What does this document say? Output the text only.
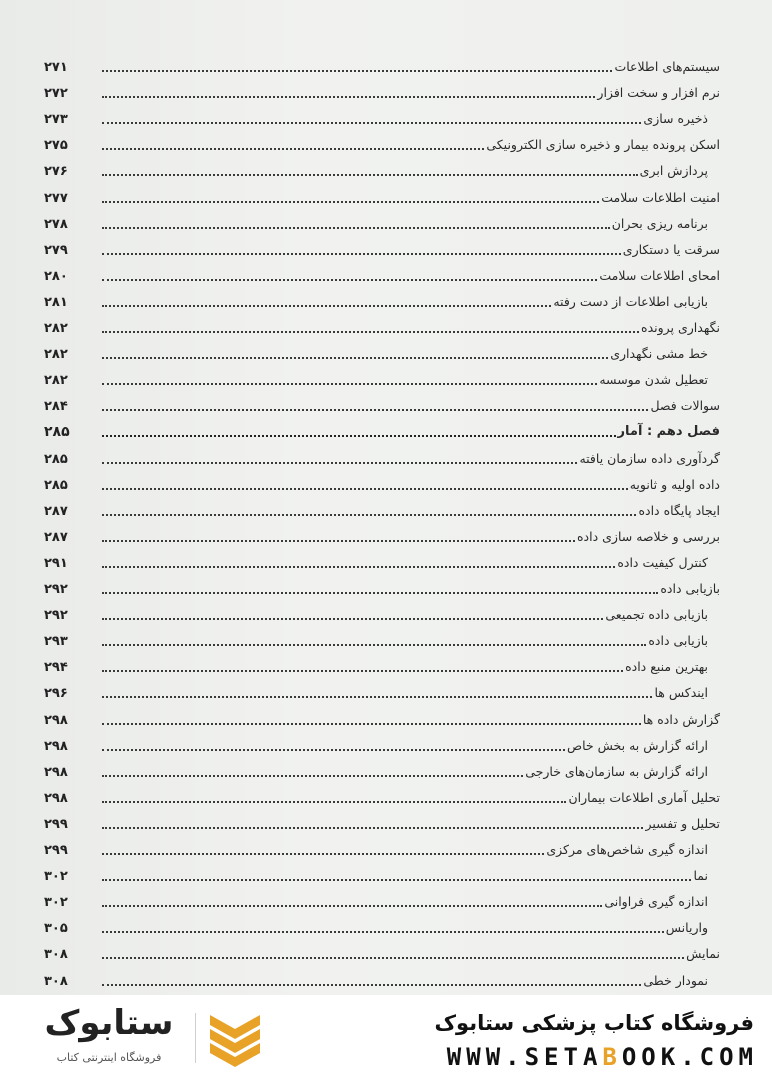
سیستم‌های اطلاعات
۲۷۱
نرم افزار و سخت افزار
۲۷۲
ذخیره سازی
۲۷۳
اسکن پرونده بیمار و ذخیره سازی الکترونیکی
۲۷۵
پردازش ابری
۲۷۶
امنیت اطلاعات سلامت
۲۷۷
برنامه ریزی بحران
۲۷۸
سرقت یا دستکاری
۲۷۹
امحای اطلاعات سلامت
۲۸۰
بازیابی اطلاعات از دست رفته
۲۸۱
نگهداری پرونده
۲۸۲
خط مشی نگهداری
۲۸۲
تعطیل شدن موسسه
۲۸۲
سوالات فصل
۲۸۴
فصل دهم : آمار
۲۸۵
گردآوری داده سازمان یافته
۲۸۵
داده اولیه و ثانویه
۲۸۵
ایجاد پایگاه داده
۲۸۷
بررسی و خلاصه سازی داده
۲۸۷
کنترل کیفیت داده
۲۹۱
بازیابی داده
۲۹۲
بازیابی داده تجمیعی
۲۹۲
بازیابی داده
۲۹۳
بهترین منبع داده
۲۹۴
ایندکس ها
۲۹۶
گزارش داده ها
۲۹۸
ارائه گزارش به بخش خاص
۲۹۸
ارائه گزارش به سازمان‌های خارجی
۲۹۸
تحلیل آماری اطلاعات بیماران
۲۹۸
تحلیل و تفسیر
۲۹۹
اندازه گیری شاخص‌های مرکزی
۲۹۹
نما
۳۰۲
اندازه گیری فراوانی
۳۰۲
واریانس
۳۰۵
نمایش
۳۰۸
نمودار خطی
۳۰۸
ستابوک
فروشگاه اینترنتی کتاب
فروشگاه کتاب پزشکی ستابوک
WWW.SETABOOK.COM
